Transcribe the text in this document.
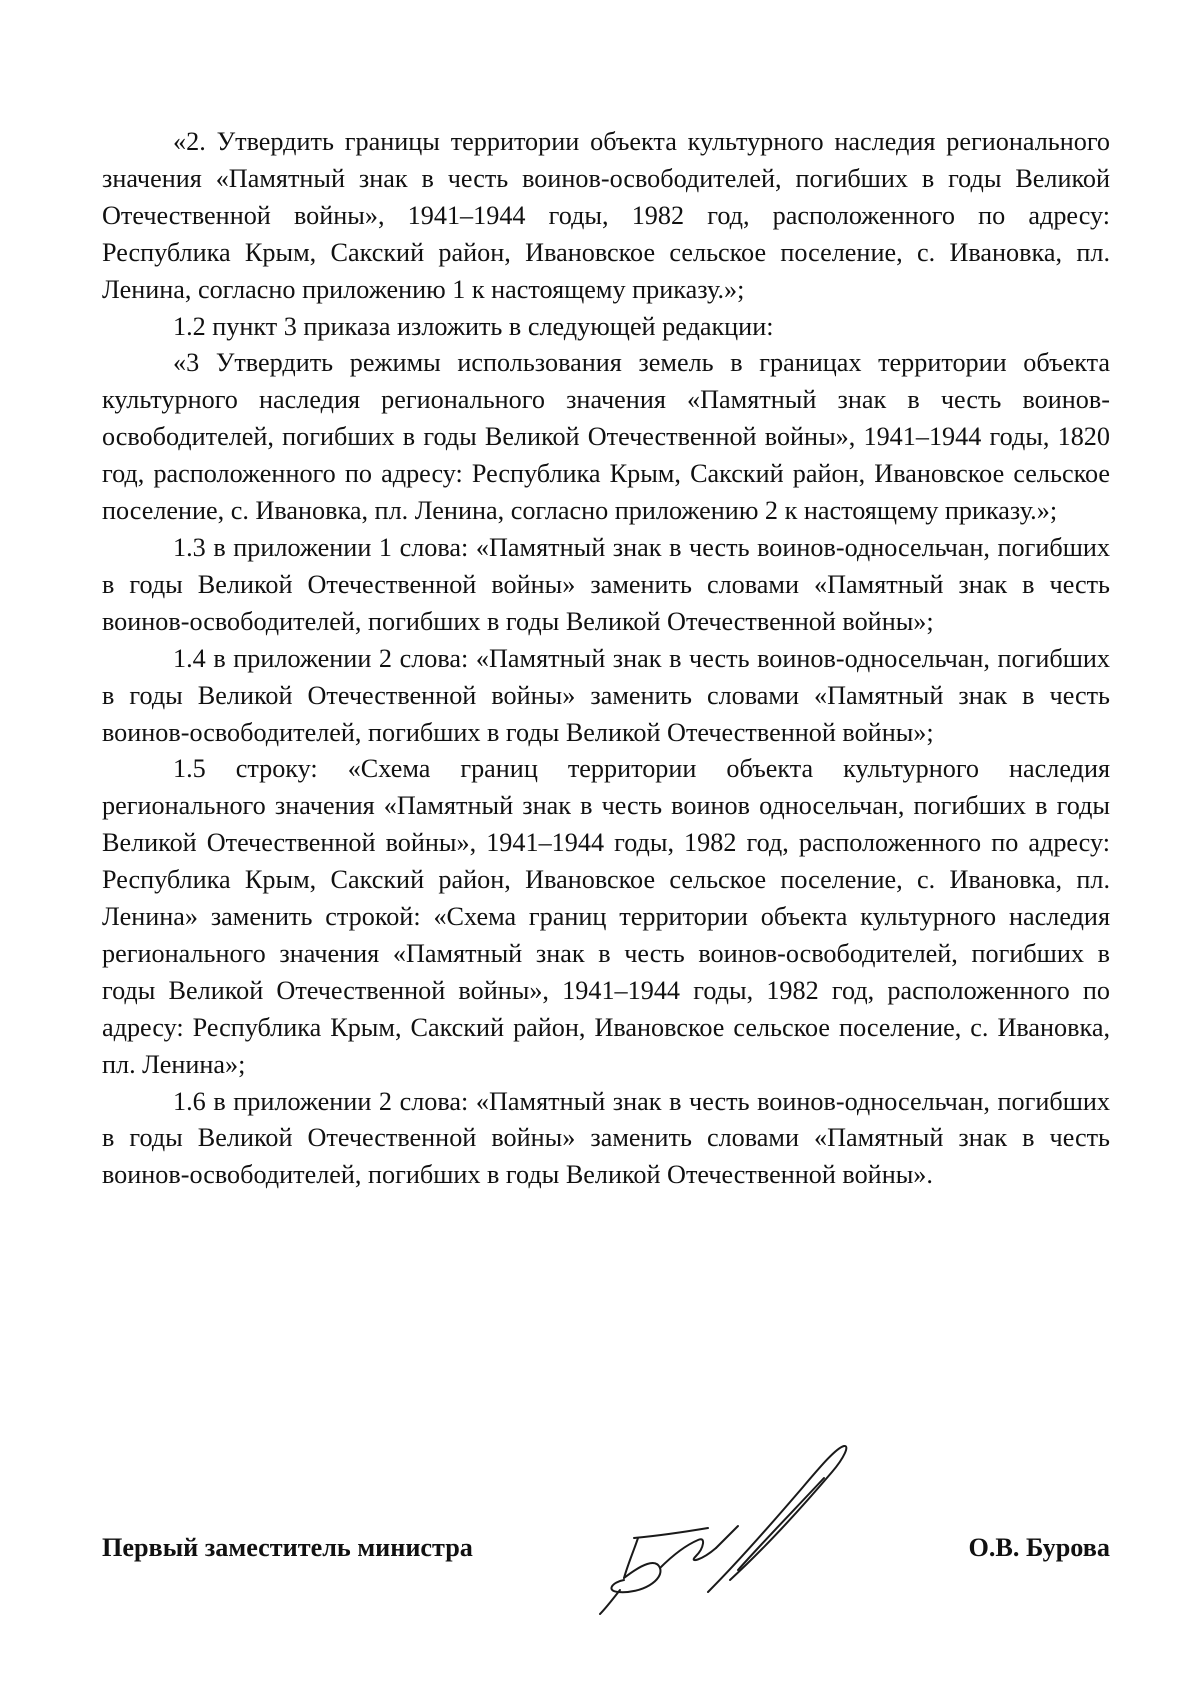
«2. Утвердить границы территории объекта культурного наследия регионального значения «Памятный знак в честь воинов-освободителей, погибших в годы Великой Отечественной войны», 1941–1944 годы, 1982 год, расположенного по адресу: Республика Крым, Сакский район, Ивановское сельское поселение, с. Ивановка, пл. Ленина, согласно приложению 1 к настоящему приказу.»;

1.2 пункт 3 приказа изложить в следующей редакции:

«3 Утвердить режимы использования земель в границах территории объекта культурного наследия регионального значения «Памятный знак в честь воинов-освободителей, погибших в годы Великой Отечественной войны», 1941–1944 годы, 1820 год, расположенного по адресу: Республика Крым, Сакский район, Ивановское сельское поселение, с. Ивановка, пл. Ленина, согласно приложению 2 к настоящему приказу.»;

1.3 в приложении 1 слова: «Памятный знак в честь воинов-односельчан, погибших в годы Великой Отечественной войны» заменить словами «Памятный знак в честь воинов-освободителей, погибших в годы Великой Отечественной войны»;

1.4 в приложении 2 слова: «Памятный знак в честь воинов-односельчан, погибших в годы Великой Отечественной войны» заменить словами «Памятный знак в честь воинов-освободителей, погибших в годы Великой Отечественной войны»;

1.5 строку: «Схема границ территории объекта культурного наследия регионального значения «Памятный знак в честь воинов односельчан, погибших в годы Великой Отечественной войны», 1941–1944 годы, 1982 год, расположенного по адресу: Республика Крым, Сакский район, Ивановское сельское поселение, с. Ивановка, пл. Ленина» заменить строкой: «Схема границ территории объекта культурного наследия регионального значения «Памятный знак в честь воинов-освободителей, погибших в годы Великой Отечественной войны», 1941–1944 годы, 1982 год, расположенного по адресу: Республика Крым, Сакский район, Ивановское сельское поселение, с. Ивановка, пл. Ленина»;

1.6 в приложении 2 слова: «Памятный знак в честь воинов-односельчан, погибших в годы Великой Отечественной войны» заменить словами «Памятный знак в честь воинов-освободителей, погибших в годы Великой Отечественной войны».

Первый заместитель министра	О.В. Бурова
